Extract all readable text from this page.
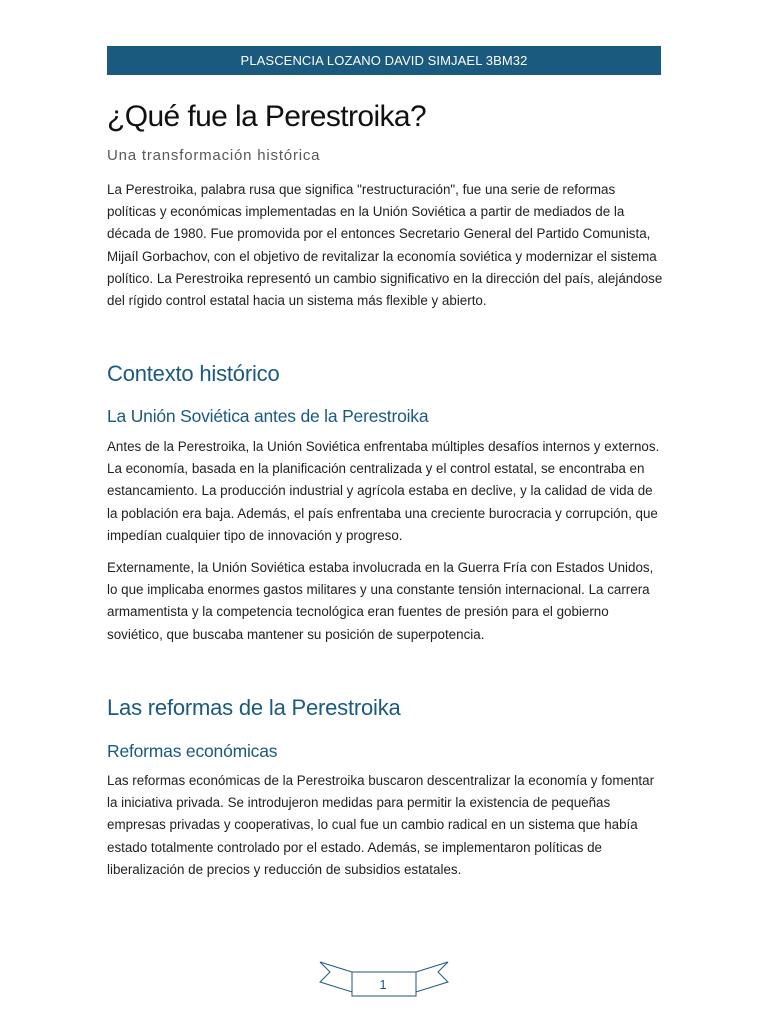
PLASCENCIA LOZANO DAVID SIMJAEL 3BM32
¿Qué fue la Perestroika?
Una transformación histórica

La Perestroika, palabra rusa que significa "restructuración", fue una serie de reformas políticas y económicas implementadas en la Unión Soviética a partir de mediados de la década de 1980. Fue promovida por el entonces Secretario General del Partido Comunista, Mijaíl Gorbachov, con el objetivo de revitalizar la economía soviética y modernizar el sistema político. La Perestroika representó un cambio significativo en la dirección del país, alejándose del rígido control estatal hacia un sistema más flexible y abierto.

Contexto histórico
La Unión Soviética antes de la Perestroika

Antes de la Perestroika, la Unión Soviética enfrentaba múltiples desafíos internos y externos. La economía, basada en la planificación centralizada y el control estatal, se encontraba en estancamiento. La producción industrial y agrícola estaba en declive, y la calidad de vida de la población era baja. Además, el país enfrentaba una creciente burocracia y corrupción, que impedían cualquier tipo de innovación y progreso.

Externamente, la Unión Soviética estaba involucrada en la Guerra Fría con Estados Unidos, lo que implicaba enormes gastos militares y una constante tensión internacional. La carrera armamentista y la competencia tecnológica eran fuentes de presión para el gobierno soviético, que buscaba mantener su posición de superpotencia.

Las reformas de la Perestroika
Reformas económicas

Las reformas económicas de la Perestroika buscaron descentralizar la economía y fomentar la iniciativa privada. Se introdujeron medidas para permitir la existencia de pequeñas empresas privadas y cooperativas, lo cual fue un cambio radical en un sistema que había estado totalmente controlado por el estado. Además, se implementaron políticas de liberalización de precios y reducción de subsidios estatales.

1
